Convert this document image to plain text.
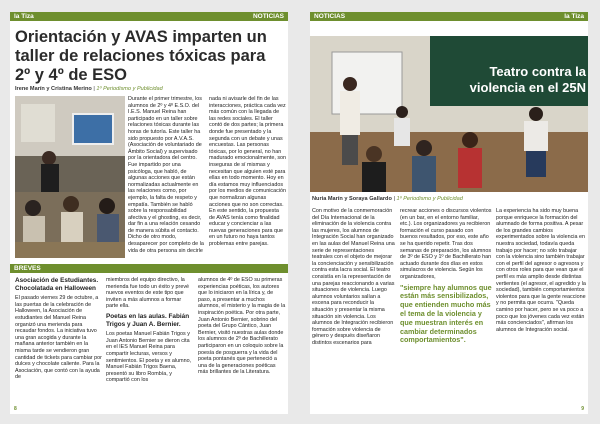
la Tiza	NOTICIAS
Orientación y AVAS imparten un taller de relaciones tóxicas para 2º y 4º de ESO
Irene Marín y Cristina Merino | 1º Periodismo y Publicidad
Durante el primer trimestre, los alumnos de 2º y 4º E.S.O. del I.E.S. Manuel Reina han participado en un taller sobre relaciones tóxicas durante las horas de tutoría. Este taller ha sido propuesto por A.V.A.S. (Asociación de voluntariado de Ámbito Social) y supervisado por la orientadora del centro. Fue impartido por una psicóloga, que habló, de algunas acciones que están normalizadas actualmente en las relaciones como, por ejemplo, la falta de respeto y empatía. También se habló sobre la responsabilidad afectiva y el ghosting, es decir, dar fin a una relación cesando de manera súbita el contacto. Dicho de otro modo, desaparecer por completo de la vida de otra persona sin decirle
nada ni avisarle del fin de las interacciones, práctica cada vez más común con la llegada de las redes sociales. El taller contó de dos partes; la primera donde fue presentado y la segunda con un debate y unas encuestas. Las personas tóxicas, por lo general, no han madurado emocionalmente, son inseguras de sí mismas y necesitan que alguien esté para ellas en todo momento. Hoy en día estamos muy influenciados por los medios de comunicación que normalizan algunas acciones que no son correctas. En este sentido, la propuesta de AVAS tenía como finalidad educar y concienciar a las nuevas generaciones para que en un futuro no haya tantos problemas entre parejas.
BREVES
Asociación de Estudiantes. Chocolatada en Halloween
El pasado viernes 29 de octubre, a las puertas de la celebración de Halloween, la Asociación de estudiantes del Manuel Reina organizó una merienda para recaudar fondos. La iniciativa tuvo una gran acogida y durante la mañana anterior también en la misma tarde se vendieron gran cantidad de tickets para cambiar por dulces y chocolate caliente. Para la Asociación, que contó con la ayuda de

miembros del equipo directivo, la merienda fue todo un éxito y prevé nuevos eventos de este tipo que inviten a más alumnos a formar parte ella.

Poetas en las aulas. Fabián Trigos y Juan A. Bernier.
Los poetas Manuel Fabián Trigos y Juan Antonio Bernier se dieron cita en el IES Manuel Reina para compartir lecturas, versos y sentimientos. El poeta y ex alumno, Manuel Fabián Trigos Baena, presentó su libro Rombía, y compartió con los
alumnos de 4º de ESO su primeras experiencias poéticas, los autores que lo iniciaron en la lírica y, de paso, a presentar a muchos alumnos, el misterio y la magia de la inspiración poética. Por otra parte, Juan Antonio Bernier, sobrino del poeta del Grupo Cántico, Juan Bernier, visitó nuestras aulas donde los alumnos de 2º de Bachillerato participaron en un coloquio sobre la poesía de posguerra y la vida del poeta pontanés que perteneció a una de la generaciones poéticas más brillantes de la Literatura.
8
NOTICIAS	la Tiza
Teatro contra la violencia en el 25N
Nuria Marín y Soraya Gallardo | 1º Periodismo y Publicidad
Con motivo de la conmemoración del Día Internacional de la eliminación de la violencia contra las mujeres, los alumnos de Integración Social han organizado en las aulas del Manuel Reina una serie de representaciones teatrales con el objeto de mejorar la concienciación y sensibilización contra esta lacra social. El teatro consistía en la representación de una parejas reaccionando a varias situaciones de violencia. Luego alumnos voluntarios salían a escena para reconducir la situación y presentar la misma situación sin violencia. Los alumnos de Integración recibieron formación sobre violencia de género y después diseñaron distintos escenarios para

recrear acciones o discursos violentos (en un bar, en el entorno familiar, etc.). Los organizadores ya recibieron formación el curso pasado con buenos resultados, por eso, este año se ha querido repetir. Tras dos semanas de preparación, los alumnos de 3º de ESO y 1º de Bachillerato han actuado durante dos días en estos simulacros de violencia. Según los organizadores,

"siempre hay alumnos que están más sensibilizados, que entienden mucho más el tema de la violencia y que muestran interés en cambiar determinados comportamientos".
La experiencia ha sido muy buena porque enriquece la formación del alumnado de forma positiva. A pesar de los grandes cambios experimentados sobre la violencia en nuestra sociedad, todavía queda trabajo por hacer; no sólo trabajar con la violencia sino también trabajar con el perfil del agresor o agresora y con otros roles para que vean que el perfil es más amplio desde distintas vertientes (el agresor, el agredido y la sociedad), también comportamientos violentos para que la gente reaccione y no permita que ocurra. "Queda camino por hacer, pero se va poco a poco que los jóvenes cada vez están más concienciados", afirman los alumnos de Integración social.
9
